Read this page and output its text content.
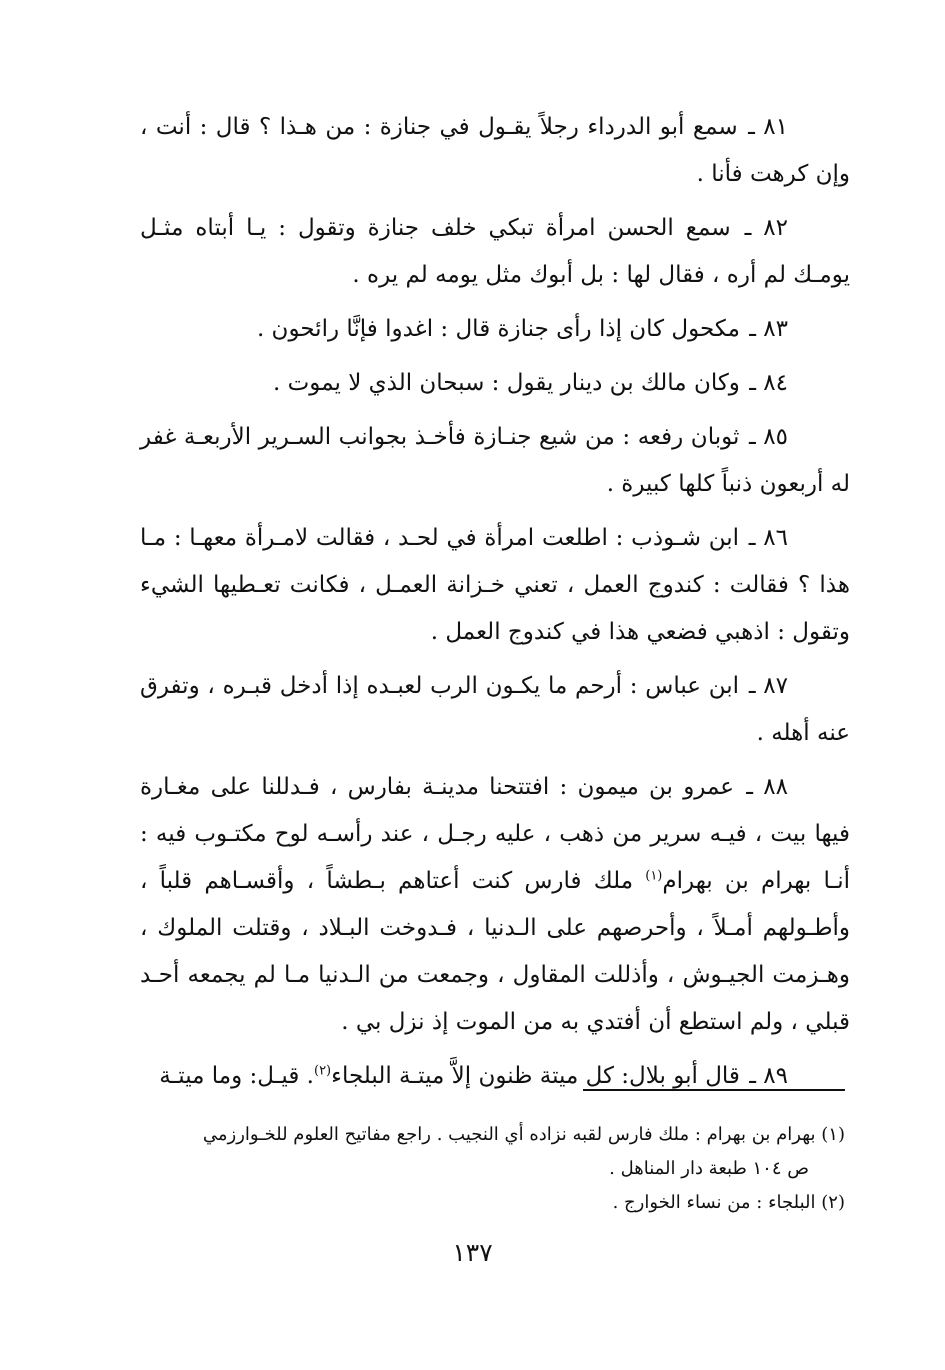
٨١ ـ سمع أبو الدرداء رجلاً يقـول في جنازة : من هـذا ؟ قال : أنت ، وإن كرهت فأنا .

٨٢ ـ سمع الحسن امرأة تبكي خلف جنازة وتقول : يـا أبتاه مثـل يومـك لم أره ، فقال لها : بل أبوك مثل يومه لم يره .

٨٣ ـ مكحول كان إذا رأى جنازة قال : اغدوا فإنَّا رائحون .

٨٤ ـ وكان مالك بن دينار يقول : سبحان الذي لا يموت .

٨٥ ـ ثوبان رفعه : من شيع جنـازة فأخـذ بجوانب السـرير الأربعـة غفر له أربعون ذنباً كلها كبيرة .

٨٦ ـ ابن شـوذب : اطلعت امرأة في لحـد ، فقالت لامـرأة معهـا : مـا هذا ؟ فقالت : كندوج العمل ، تعني خـزانة العمـل ، فكانت تعـطيها الشيء وتقول : اذهبي فضعي هذا في كندوج العمل .

٨٧ ـ ابن عباس : أرحم ما يكـون الرب لعبـده إذا أدخل قبـره ، وتفرق عنه أهله .

٨٨ ـ عمرو بن ميمون : افتتحنا مدينـة بفارس ، فـدللنا على مغـارة فيها بيت ، فيـه سرير من ذهب ، عليه رجـل ، عند رأسـه لوح مكتـوب فيه : أنـا بهرام بن بهرام$^{(١)}$ ملك فارس كنت أعتاهم بـطشاً ، وأقسـاهم قلباً ، وأطـولهم أمـلاً ، وأحرصهم على الـدنيا ، فـدوخت البـلاد ، وقتلت الملوك ، وهـزمت الجيـوش ، وأذللت المقاول ، وجمعت من الـدنيا مـا لم يجمعه أحـد قبلي ، ولم استطع أن أفتدي به من الموت إذ نزل بي .

٨٩ ـ قال أبو بلال: كل ميتة ظنون إلاَّ ميتـة البلجاء$^{(٢)}$. قيـل: وما ميتـة

(١) بهرام بن بهرام : ملك فارس لقبه نزاده أي النجيب . راجع مفاتيح العلوم للخـوارزمي

ص ١٠٤ طبعة دار المناهل .

(٢) البلجاء : من نساء الخوارج .

١٣٧
